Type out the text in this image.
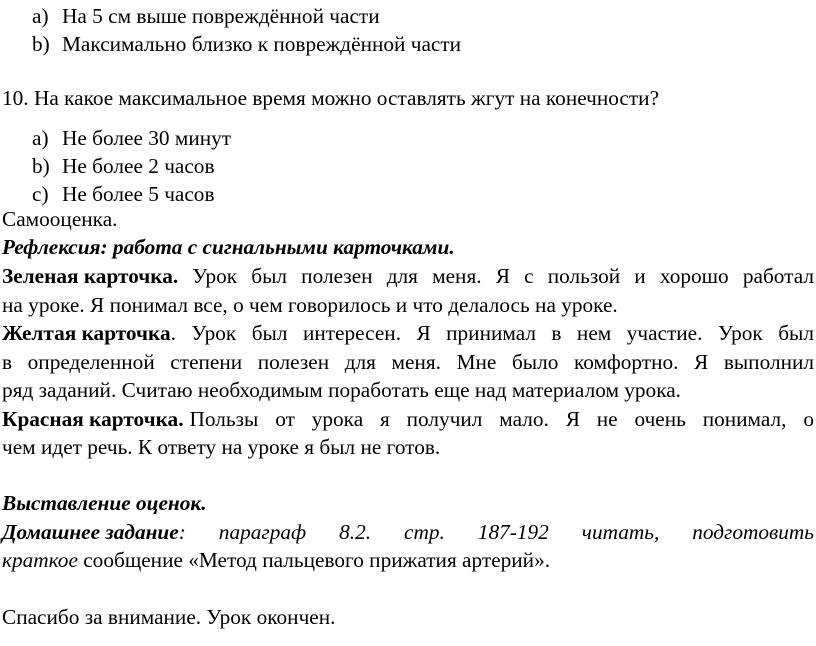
a) На 5 см выше повреждённой части
b) Максимально близко к повреждённой части
10. На какое максимальное время можно оставлять жгут на конечности?
a) Не более 30 минут
b) Не более 2 часов
c) Не более 5 часов
Самооценка.
Рефлексия: работа с сигнальными карточками.
Зеленая карточка. Урок был полезен для меня. Я с пользой и хорошо работал
на уроке. Я понимал все, о чем говорилось и что делалось на уроке.
Желтая карточка . Урок был интересен. Я принимал в нем участие. Урок был
в определенной степени полезен для меня. Мне было комфортно. Я выполнил
ряд заданий. Считаю необходимым поработать еще над материалом урока.
Красная карточка. Пользы от урока я получил мало. Я не очень понимал, о
чем идет речь. К ответу на уроке я был не готов.
Выставление оценок.
Домашнее задание : параграф 8.2. стр. 187-192 читать, подготовить
краткое сообщение «Метод пальцевого прижатия артерий».
Спасибо за внимание. Урок окончен.
